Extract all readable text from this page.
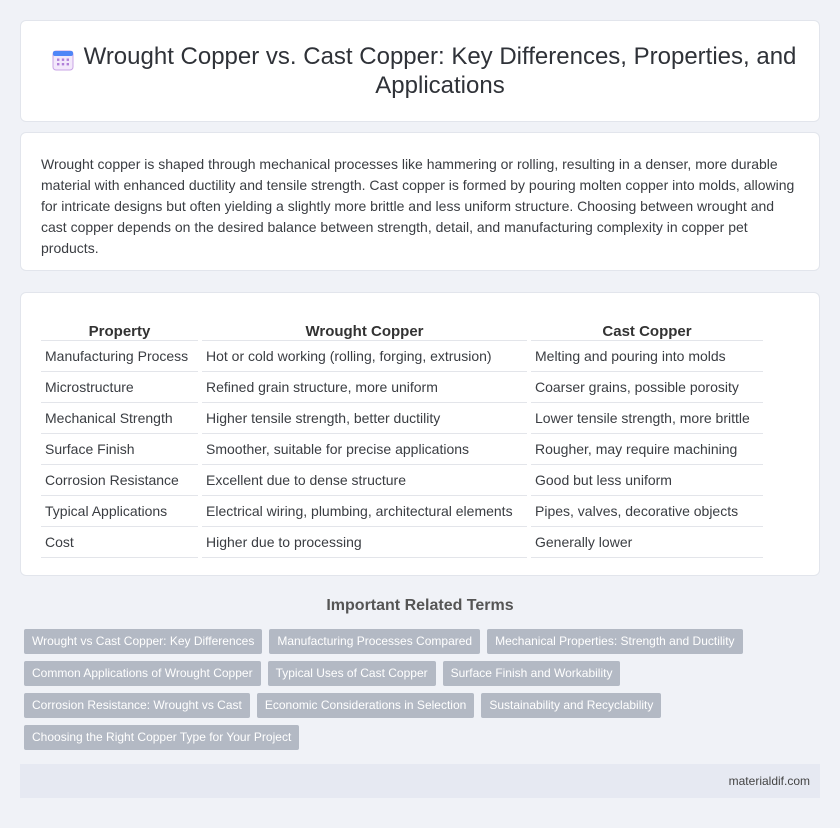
Wrought Copper vs. Cast Copper: Key Differences, Properties, and Applications

Wrought copper is shaped through mechanical processes like hammering or rolling, resulting in a denser, more durable material with enhanced ductility and tensile strength. Cast copper is formed by pouring molten copper into molds, allowing for intricate designs but often yielding a slightly more brittle and less uniform structure. Choosing between wrought and cast copper depends on the desired balance between strength, detail, and manufacturing complexity in copper pet products.

Property	Wrought Copper	Cast Copper
Manufacturing Process	Hot or cold working (rolling, forging, extrusion)	Melting and pouring into molds
Microstructure	Refined grain structure, more uniform	Coarser grains, possible porosity
Mechanical Strength	Higher tensile strength, better ductility	Lower tensile strength, more brittle
Surface Finish	Smoother, suitable for precise applications	Rougher, may require machining
Corrosion Resistance	Excellent due to dense structure	Good but less uniform
Typical Applications	Electrical wiring, plumbing, architectural elements	Pipes, valves, decorative objects
Cost	Higher due to processing	Generally lower
Important Related Terms
Wrought vs Cast Copper: Key Differences	Manufacturing Processes Compared	Mechanical Properties: Strength and Ductility
Common Applications of Wrought Copper	Typical Uses of Cast Copper	Surface Finish and Workability
Corrosion Resistance: Wrought vs Cast	Economic Considerations in Selection	Sustainability and Recyclability
Choosing the Right Copper Type for Your Project
materialdif.com
